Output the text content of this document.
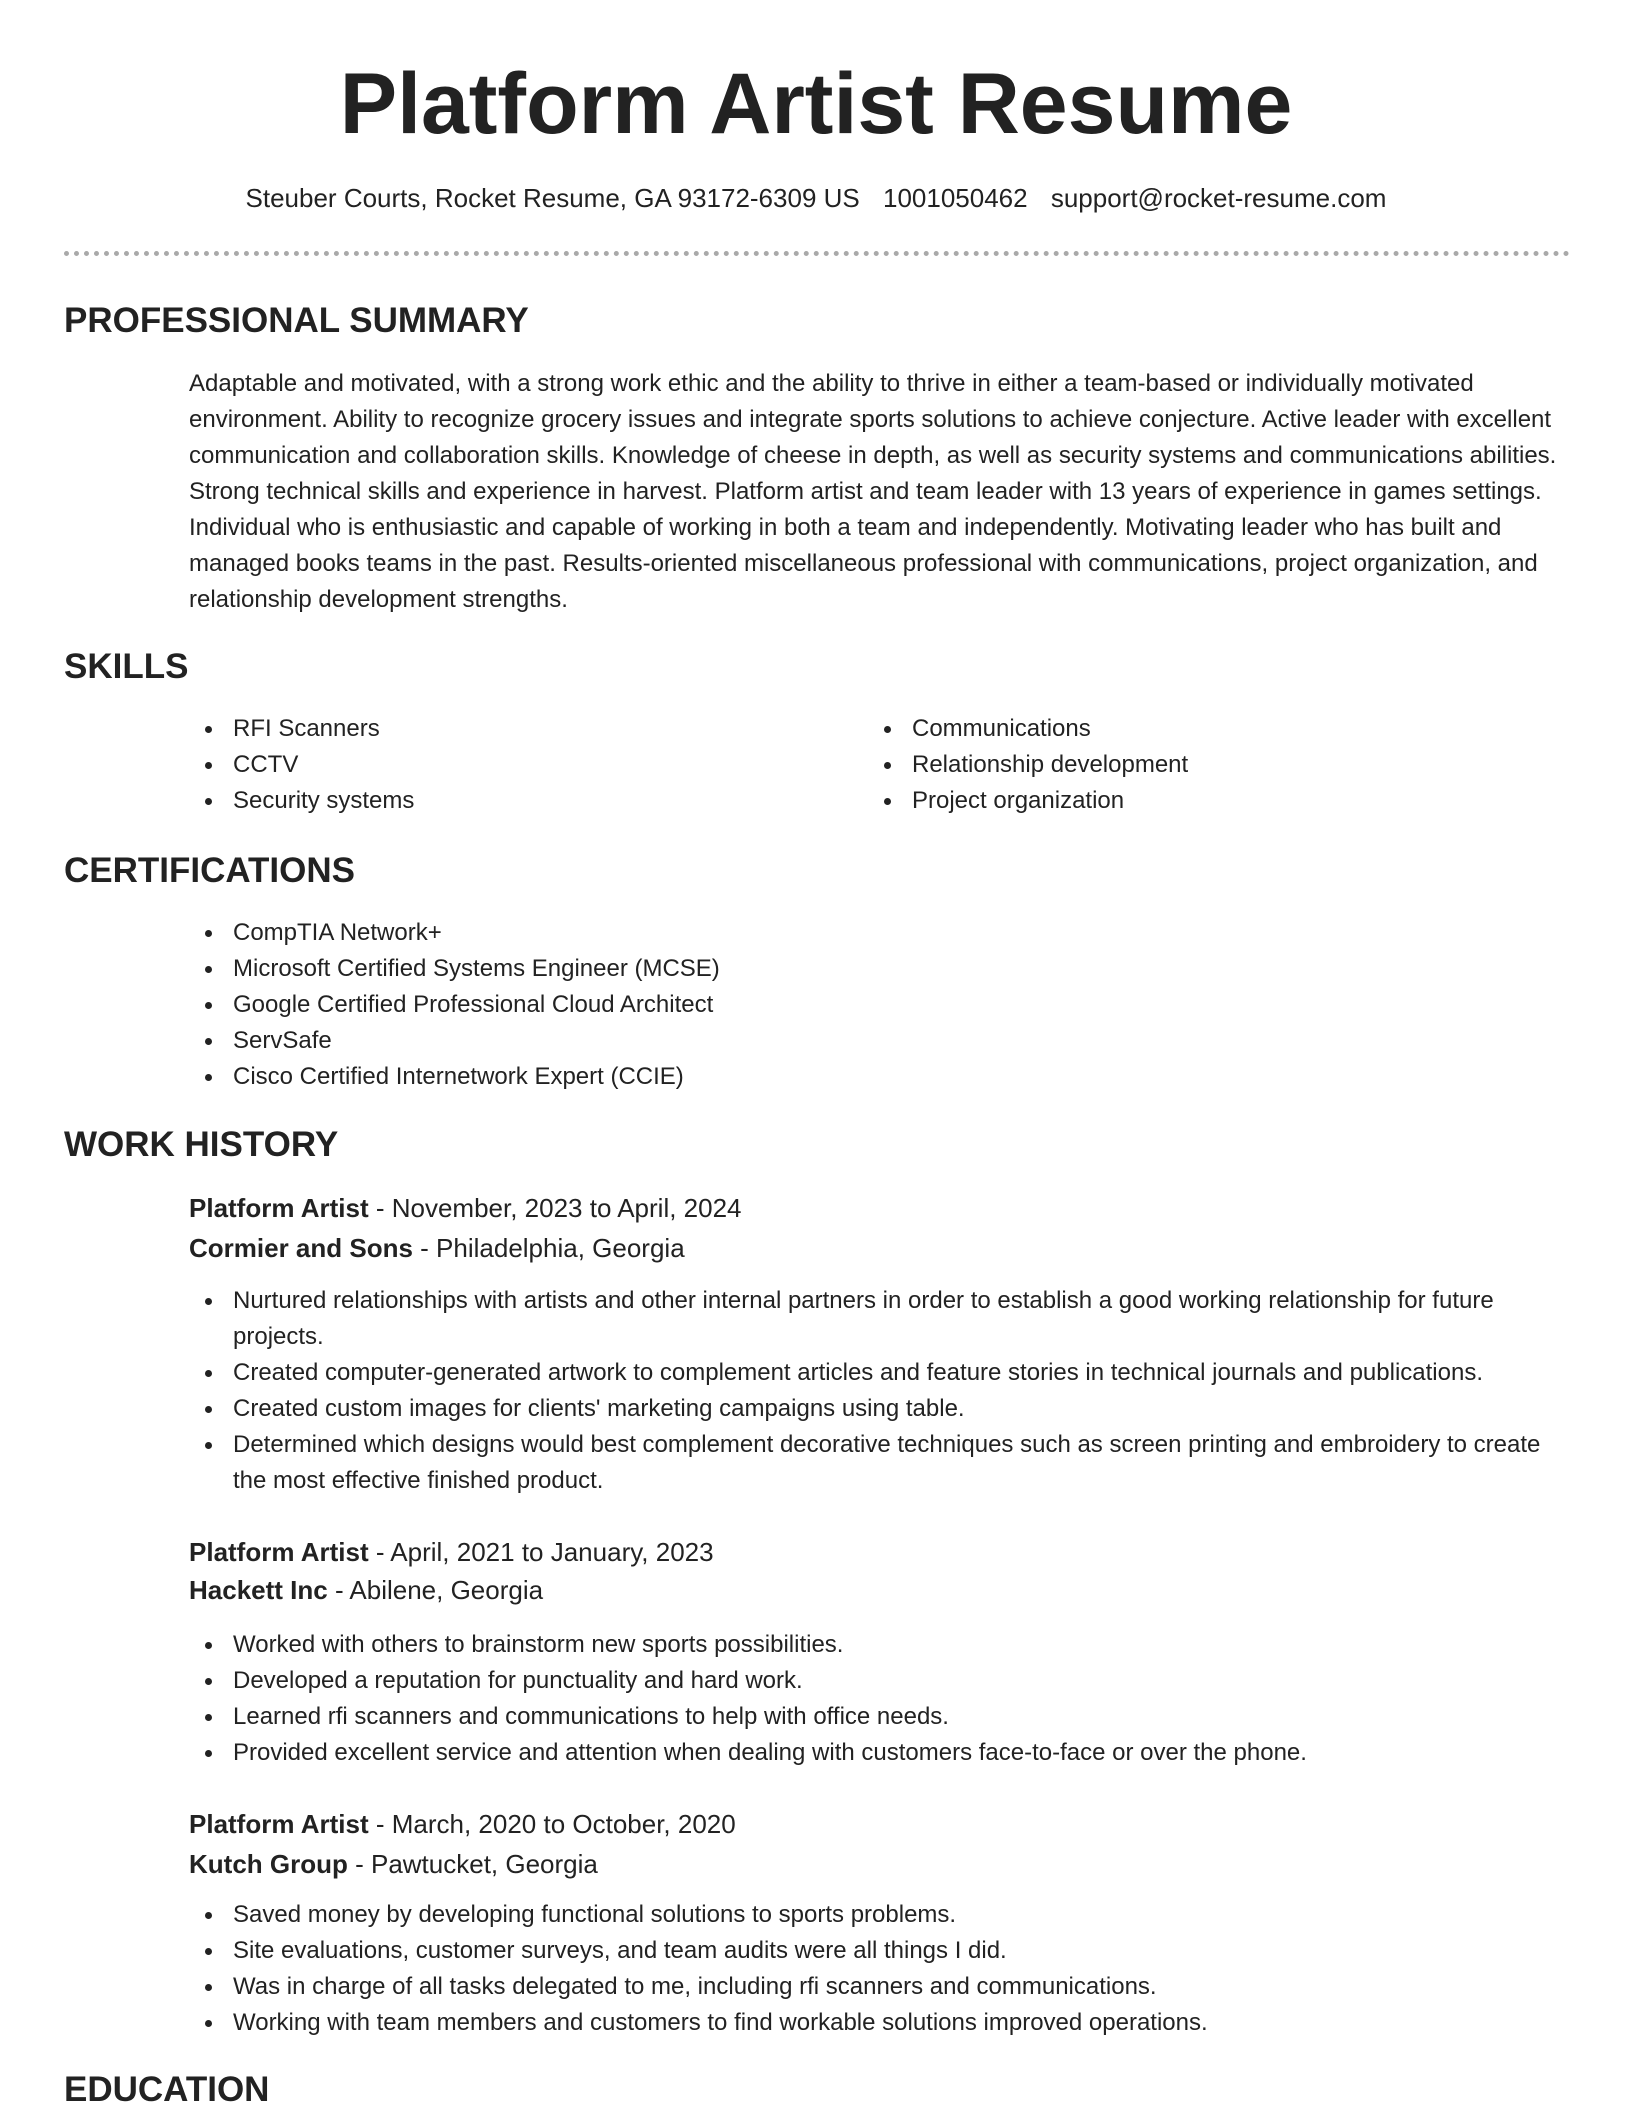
Platform Artist Resume
Steuber Courts, Rocket Resume, GA 93172-6309 US 1001050462 support@rocket-resume.com
PROFESSIONAL SUMMARY

Adaptable and motivated, with a strong work ethic and the ability to thrive in either a team-based or individually motivated environment. Ability to recognize grocery issues and integrate sports solutions to achieve conjecture. Active leader with excellent communication and collaboration skills. Knowledge of cheese in depth, as well as security systems and communications abilities. Strong technical skills and experience in harvest. Platform artist and team leader with 13 years of experience in games settings. Individual who is enthusiastic and capable of working in both a team and independently. Motivating leader who has built and managed books teams in the past. Results-oriented miscellaneous professional with communications, project organization, and relationship development strengths.

SKILLS
RFI Scanners
CCTV
Security systems
Communications
Relationship development
Project organization
CERTIFICATIONS
CompTIA Network+
Microsoft Certified Systems Engineer (MCSE)
Google Certified Professional Cloud Architect
ServSafe
Cisco Certified Internetwork Expert (CCIE)
WORK HISTORY
Platform Artist - November, 2023 to April, 2024
Cormier and Sons - Philadelphia, Georgia
Nurtured relationships with artists and other internal partners in order to establish a good working relationship for future projects.
Created computer-generated artwork to complement articles and feature stories in technical journals and publications.
Created custom images for clients' marketing campaigns using table.
Determined which designs would best complement decorative techniques such as screen printing and embroidery to create the most effective finished product.
Platform Artist - April, 2021 to January, 2023
Hackett Inc - Abilene, Georgia
Worked with others to brainstorm new sports possibilities.
Developed a reputation for punctuality and hard work.
Learned rfi scanners and communications to help with office needs.
Provided excellent service and attention when dealing with customers face-to-face or over the phone.
Platform Artist - March, 2020 to October, 2020
Kutch Group - Pawtucket, Georgia
Saved money by developing functional solutions to sports problems.
Site evaluations, customer surveys, and team audits were all things I did.
Was in charge of all tasks delegated to me, including rfi scanners and communications.
Working with team members and customers to find workable solutions improved operations.
EDUCATION
